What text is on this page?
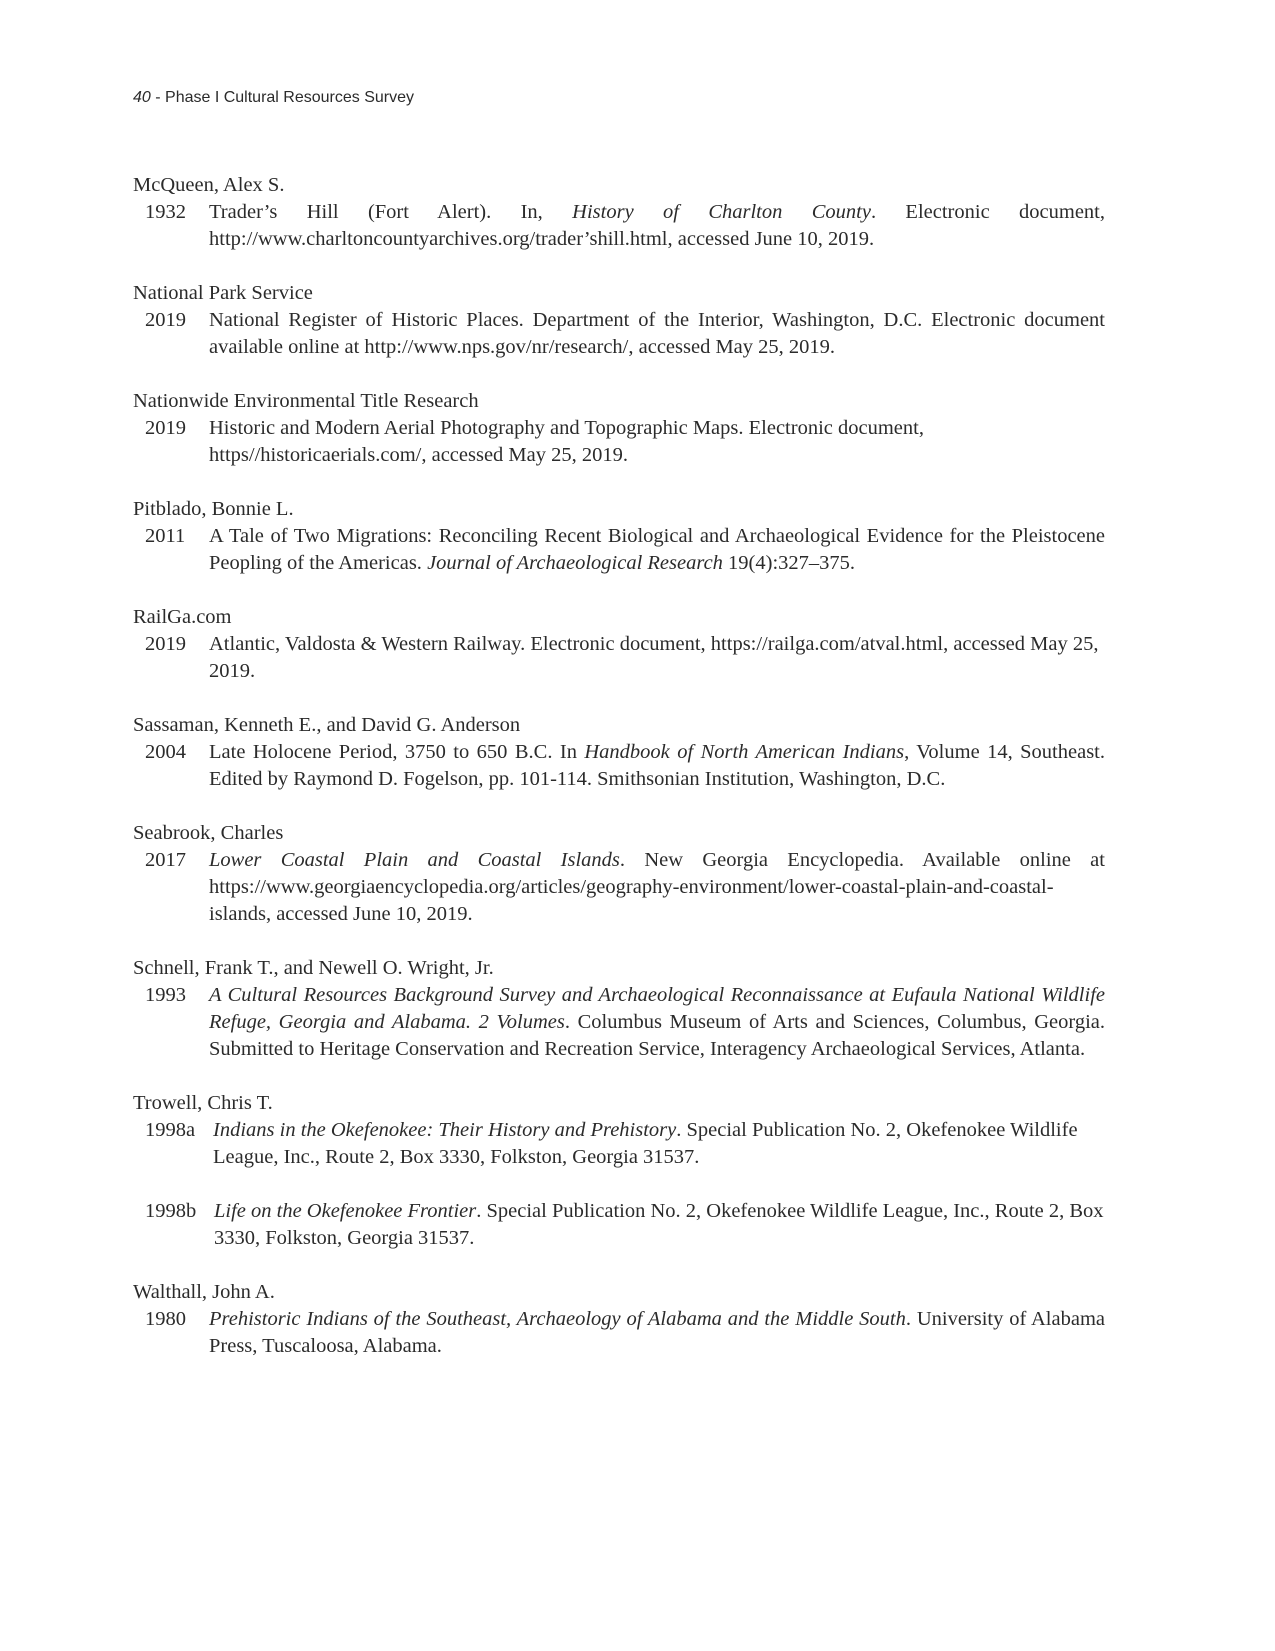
40 - Phase I Cultural Resources Survey
McQueen, Alex S.
1932 Trader’s Hill (Fort Alert). In, History of Charlton County. Electronic document, http://www.charltoncountyarchives.org/trader’shill.html, accessed June 10, 2019.
National Park Service
2019 National Register of Historic Places. Department of the Interior, Washington, D.C. Electronic document available online at http://www.nps.gov/nr/research/, accessed May 25, 2019.
Nationwide Environmental Title Research
2019 Historic and Modern Aerial Photography and Topographic Maps. Electronic document, https//historicaerials.com/, accessed May 25, 2019.
Pitblado, Bonnie L.
2011 A Tale of Two Migrations: Reconciling Recent Biological and Archaeological Evidence for the Pleistocene Peopling of the Americas. Journal of Archaeological Research 19(4):327–375.
RailGa.com
2019 Atlantic, Valdosta & Western Railway. Electronic document, https://railga.com/atval.html, accessed May 25, 2019.
Sassaman, Kenneth E., and David G. Anderson
2004 Late Holocene Period, 3750 to 650 B.C. In Handbook of North American Indians, Volume 14, Southeast. Edited by Raymond D. Fogelson, pp. 101-114. Smithsonian Institution, Washington, D.C.
Seabrook, Charles
2017 Lower Coastal Plain and Coastal Islands. New Georgia Encyclopedia. Available online at https://www.georgiaencyclopedia.org/articles/geography-environment/lower-coastal-plain-and-coastal-islands, accessed June 10, 2019.
Schnell, Frank T., and Newell O. Wright, Jr.
1993 A Cultural Resources Background Survey and Archaeological Reconnaissance at Eufaula National Wildlife Refuge, Georgia and Alabama. 2 Volumes. Columbus Museum of Arts and Sciences, Columbus, Georgia. Submitted to Heritage Conservation and Recreation Service, Interagency Archaeological Services, Atlanta.
Trowell, Chris T.
1998a Indians in the Okefenokee: Their History and Prehistory. Special Publication No. 2, Okefenokee Wildlife League, Inc., Route 2, Box 3330, Folkston, Georgia 31537.
1998b Life on the Okefenokee Frontier. Special Publication No. 2, Okefenokee Wildlife League, Inc., Route 2, Box 3330, Folkston, Georgia 31537.
Walthall, John A.
1980 Prehistoric Indians of the Southeast, Archaeology of Alabama and the Middle South. University of Alabama Press, Tuscaloosa, Alabama.
